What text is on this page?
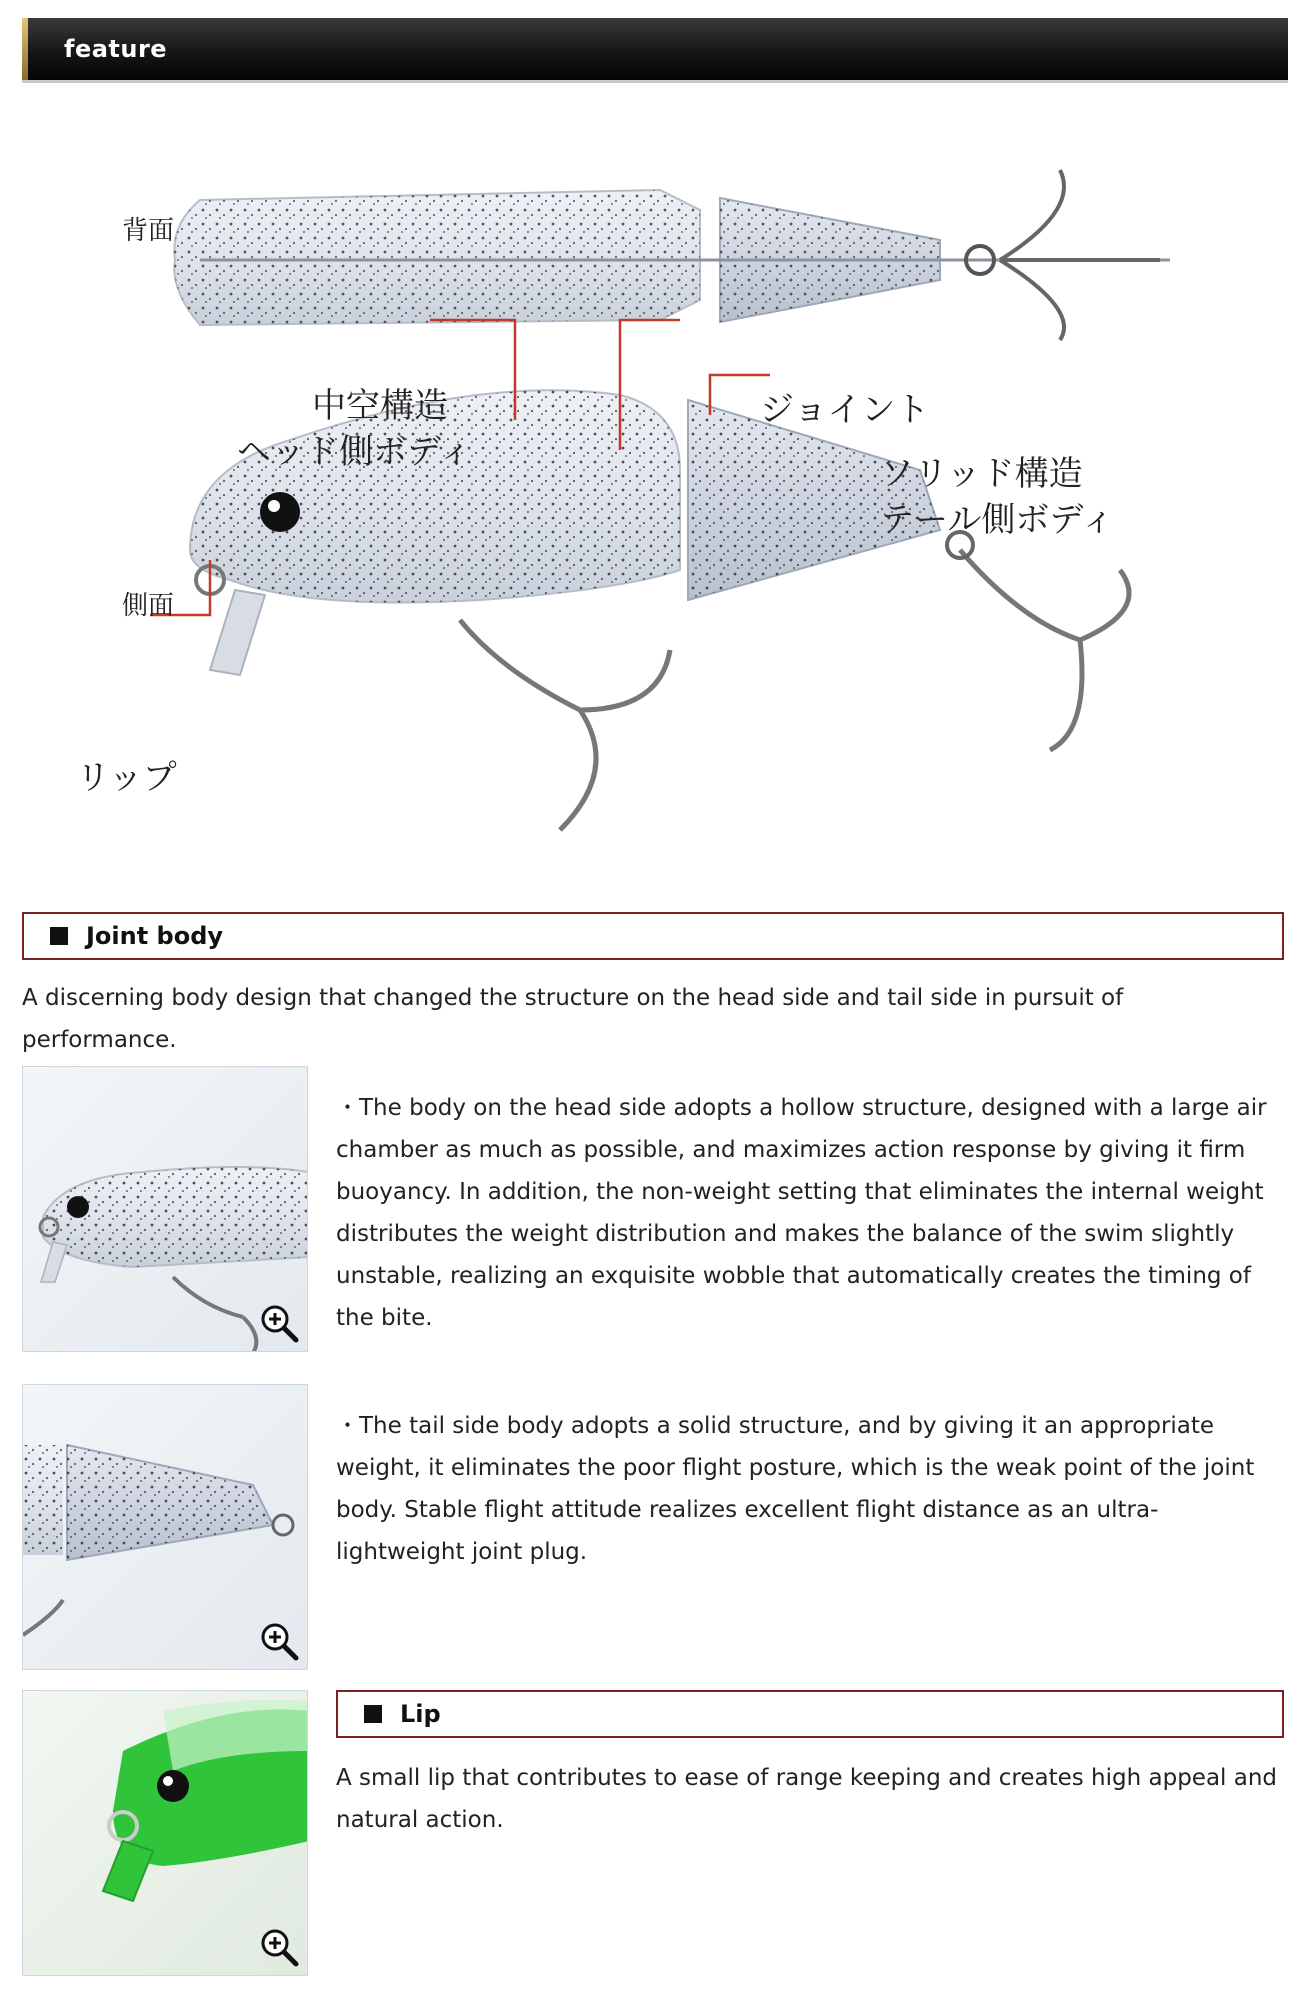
feature
背面
側面
中空構造
ヘッド側ボディ
ジョイント
ソリッド構造
テール側ボディ
リップ
Joint body
A discerning body design that changed the structure on the head side and tail side in pursuit of performance.
・The body on the head side adopts a hollow structure, designed with a large air chamber as much as possible, and maximizes action response by giving it firm buoyancy. In addition, the non-weight setting that eliminates the internal weight distributes the weight distribution and makes the balance of the swim slightly unstable, realizing an exquisite wobble that automatically creates the timing of the bite.
・The tail side body adopts a solid structure, and by giving it an appropriate weight, it eliminates the poor flight posture, which is the weak point of the joint body. Stable flight attitude realizes excellent flight distance as an ultra-lightweight joint plug.
Lip
A small lip that contributes to ease of range keeping and creates high appeal and natural action.
